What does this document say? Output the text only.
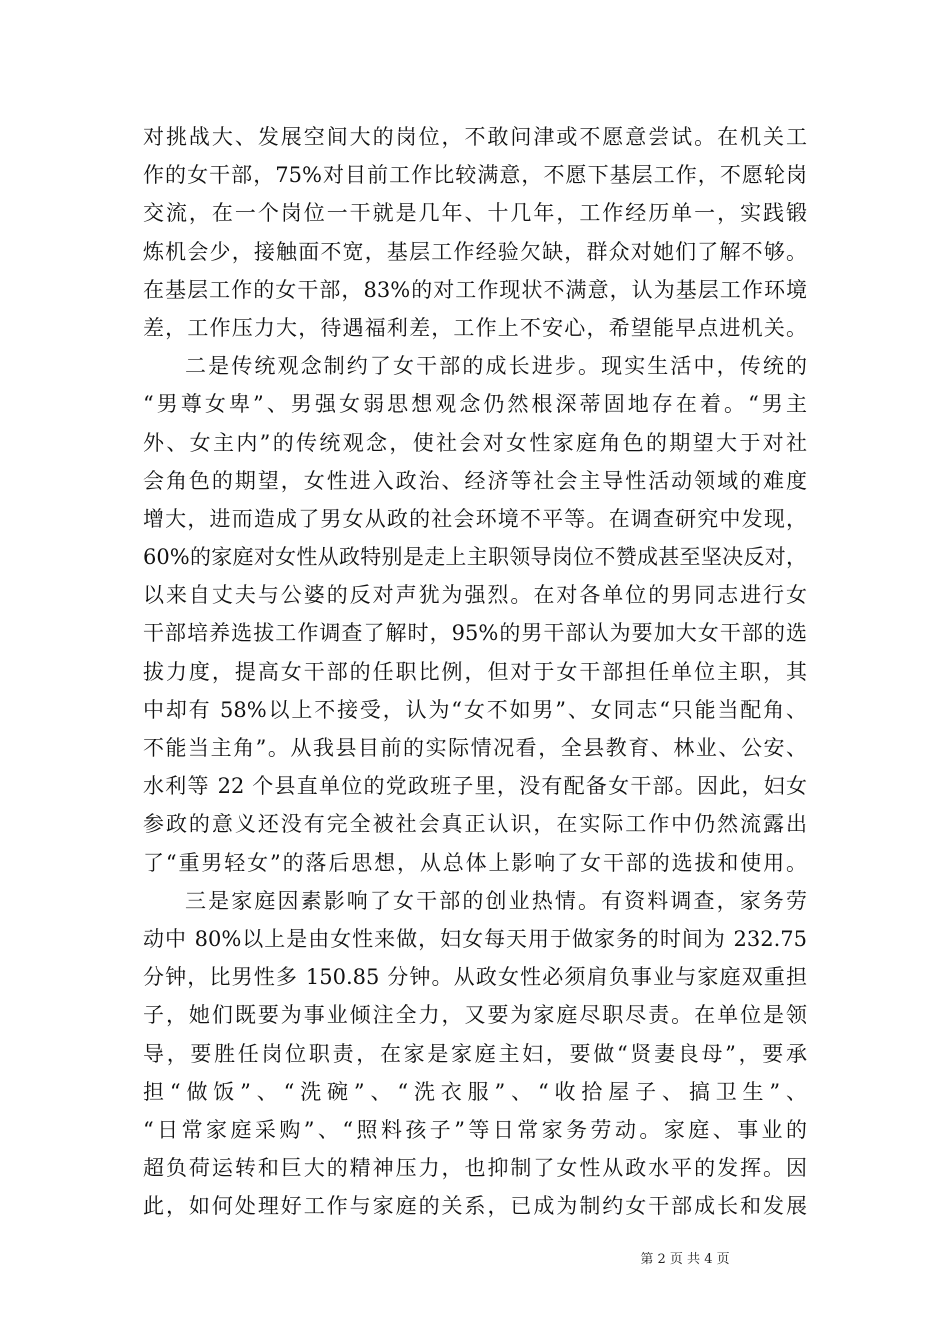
对挑战大、发展空间大的岗位，不敢问津或不愿意尝试。在机关工
作的女干部，75%对目前工作比较满意，不愿下基层工作，不愿轮岗
交流，在一个岗位一干就是几年、十几年，工作经历单一，实践锻
炼机会少，接触面不宽，基层工作经验欠缺，群众对她们了解不够。
在基层工作的女干部，83%的对工作现状不满意，认为基层工作环境
差，工作压力大，待遇福利差，工作上不安心，希望能早点进机关。
二是传统观念制约了女干部的成长进步。现实生活中，传统的
“男尊女卑”、男强女弱思想观念仍然根深蒂固地存在着。“男主
外、女主内”的传统观念，使社会对女性家庭角色的期望大于对社
会角色的期望，女性进入政治、经济等社会主导性活动领域的难度
增大，进而造成了男女从政的社会环境不平等。在调查研究中发现，
60%的家庭对女性从政特别是走上主职领导岗位不赞成甚至坚决反对，
以来自丈夫与公婆的反对声犹为强烈。在对各单位的男同志进行女
干部培养选拔工作调查了解时，95%的男干部认为要加大女干部的选
拔力度，提高女干部的任职比例，但对于女干部担任单位主职，其
中却有 58%以上不接受，认为“女不如男”、女同志“只能当配角、
不能当主角”。从我县目前的实际情况看，全县教育、林业、公安、
水利等 22 个县直单位的党政班子里，没有配备女干部。因此，妇女
参政的意义还没有完全被社会真正认识，在实际工作中仍然流露出
了“重男轻女”的落后思想，从总体上影响了女干部的选拔和使用。
三是家庭因素影响了女干部的创业热情。有资料调查，家务劳
动中 80%以上是由女性来做，妇女每天用于做家务的时间为 232.75
分钟，比男性多 150.85 分钟。从政女性必须肩负事业与家庭双重担
子，她们既要为事业倾注全力，又要为家庭尽职尽责。在单位是领
导，要胜任岗位职责，在家是家庭主妇，要做“贤妻良母”，要承
担“做饭”、“洗碗”、“洗衣服”、“收拾屋子、搞卫生”、
“日常家庭采购”、“照料孩子”等日常家务劳动。家庭、事业的
超负荷运转和巨大的精神压力，也抑制了女性从政水平的发挥。因
此，如何处理好工作与家庭的关系，已成为制约女干部成长和发展
第 2 页 共 4 页
